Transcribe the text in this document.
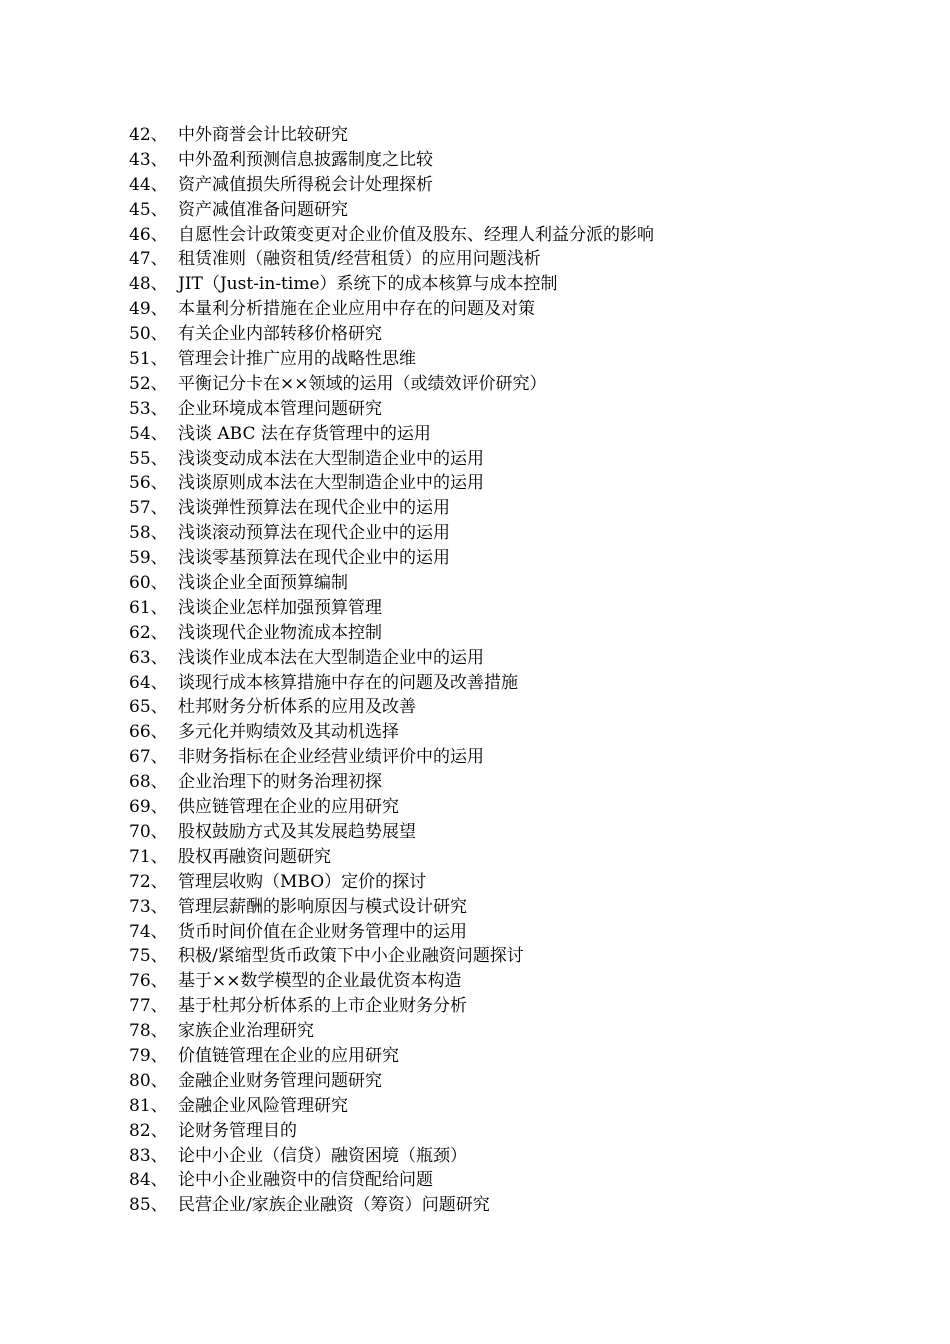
42、 中外商誉会计比较研究
43、 中外盈利预测信息披露制度之比较
44、 资产减值损失所得税会计处理探析
45、 资产减值准备问题研究
46、 自愿性会计政策变更对企业价值及股东、经理人利益分派的影响
47、 租赁准则（融资租赁/经营租赁）的应用问题浅析
48、 JIT（Just-in-time）系统下的成本核算与成本控制
49、 本量利分析措施在企业应用中存在的问题及对策
50、 有关企业内部转移价格研究
51、 管理会计推广应用的战略性思维
52、 平衡记分卡在××领域的运用（或绩效评价研究）
53、 企业环境成本管理问题研究
54、 浅谈 ABC 法在存货管理中的运用
55、 浅谈变动成本法在大型制造企业中的运用
56、 浅谈原则成本法在大型制造企业中的运用
57、 浅谈弹性预算法在现代企业中的运用
58、 浅谈滚动预算法在现代企业中的运用
59、 浅谈零基预算法在现代企业中的运用
60、 浅谈企业全面预算编制
61、 浅谈企业怎样加强预算管理
62、 浅谈现代企业物流成本控制
63、 浅谈作业成本法在大型制造企业中的运用
64、 谈现行成本核算措施中存在的问题及改善措施
65、 杜邦财务分析体系的应用及改善
66、 多元化并购绩效及其动机选择
67、 非财务指标在企业经营业绩评价中的运用
68、 企业治理下的财务治理初探
69、 供应链管理在企业的应用研究
70、 股权鼓励方式及其发展趋势展望
71、 股权再融资问题研究
72、 管理层收购（MBO）定价的探讨
73、 管理层薪酬的影响原因与模式设计研究
74、 货币时间价值在企业财务管理中的运用
75、 积极/紧缩型货币政策下中小企业融资问题探讨
76、 基于××数学模型的企业最优资本构造
77、 基于杜邦分析体系的上市企业财务分析
78、 家族企业治理研究
79、 价值链管理在企业的应用研究
80、 金融企业财务管理问题研究
81、 金融企业风险管理研究
82、 论财务管理目的
83、 论中小企业（信贷）融资困境（瓶颈）
84、 论中小企业融资中的信贷配给问题
85、 民营企业/家族企业融资（筹资）问题研究
